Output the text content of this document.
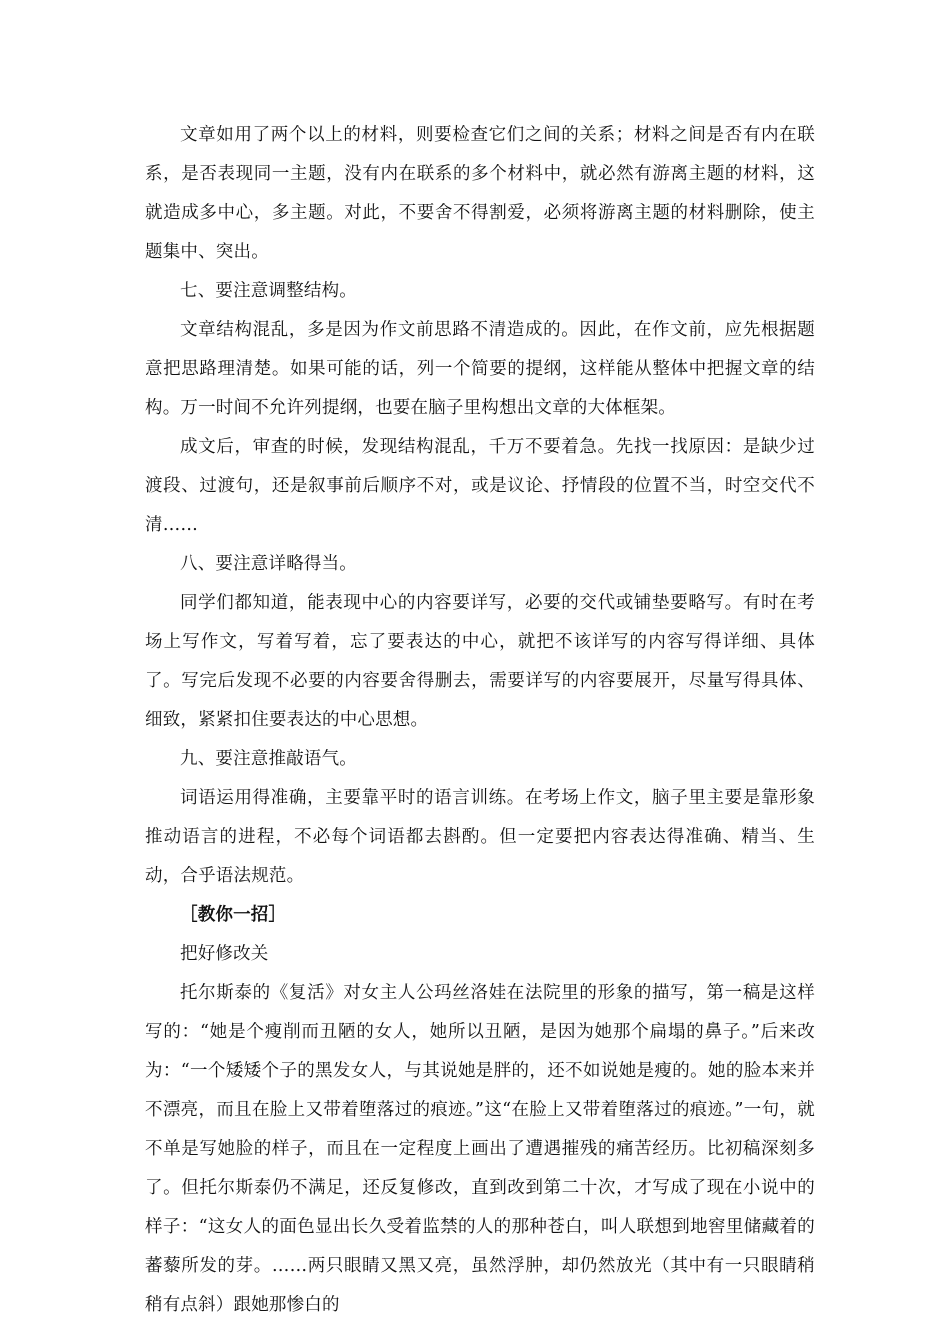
文章如用了两个以上的材料，则要检查它们之间的关系；材料之间是否有内在联系，是否表现同一主题，没有内在联系的多个材料中，就必然有游离主题的材料，这就造成多中心，多主题。对此，不要舍不得割爱，必须将游离主题的材料删除，使主题集中、突出。

七、要注意调整结构。

文章结构混乱，多是因为作文前思路不清造成的。因此，在作文前，应先根据题意把思路理清楚。如果可能的话，列一个简要的提纲，这样能从整体中把握文章的结构。万一时间不允许列提纲，也要在脑子里构想出文章的大体框架。

成文后，审查的时候，发现结构混乱，千万不要着急。先找一找原因：是缺少过渡段、过渡句，还是叙事前后顺序不对，或是议论、抒情段的位置不当，时空交代不清……

八、要注意详略得当。

同学们都知道，能表现中心的内容要详写，必要的交代或铺垫要略写。有时在考场上写作文，写着写着，忘了要表达的中心，就把不该详写的内容写得详细、具体了。写完后发现不必要的内容要舍得删去，需要详写的内容要展开，尽量写得具体、细致，紧紧扣住要表达的中心思想。

九、要注意推敲语气。

词语运用得准确，主要靠平时的语言训练。在考场上作文，脑子里主要是靠形象推动语言的进程，不必每个词语都去斟酌。但一定要把内容表达得准确、精当、生动，合乎语法规范。

［教你一招］

把好修改关

托尔斯泰的《复活》对女主人公玛丝洛娃在法院里的形象的描写，第一稿是这样写的：“她是个瘦削而丑陋的女人，她所以丑陋，是因为她那个扁塌的鼻子。”后来改为：“一个矮矮个子的黑发女人，与其说她是胖的，还不如说她是瘦的。她的脸本来并不漂亮，而且在脸上又带着堕落过的痕迹。”这“在脸上又带着堕落过的痕迹。”一句，就不单是写她脸的样子，而且在一定程度上画出了遭遇摧残的痛苦经历。比初稿深刻多了。但托尔斯泰仍不满足，还反复修改，直到改到第二十次，才写成了现在小说中的样子：“这女人的面色显出长久受着监禁的人的那种苍白，叫人联想到地窖里储藏着的蕃藜所发的芽。……两只眼睛又黑又亮，虽然浮肿，却仍然放光（其中有一只眼睛稍稍有点斜）跟她那惨白的
